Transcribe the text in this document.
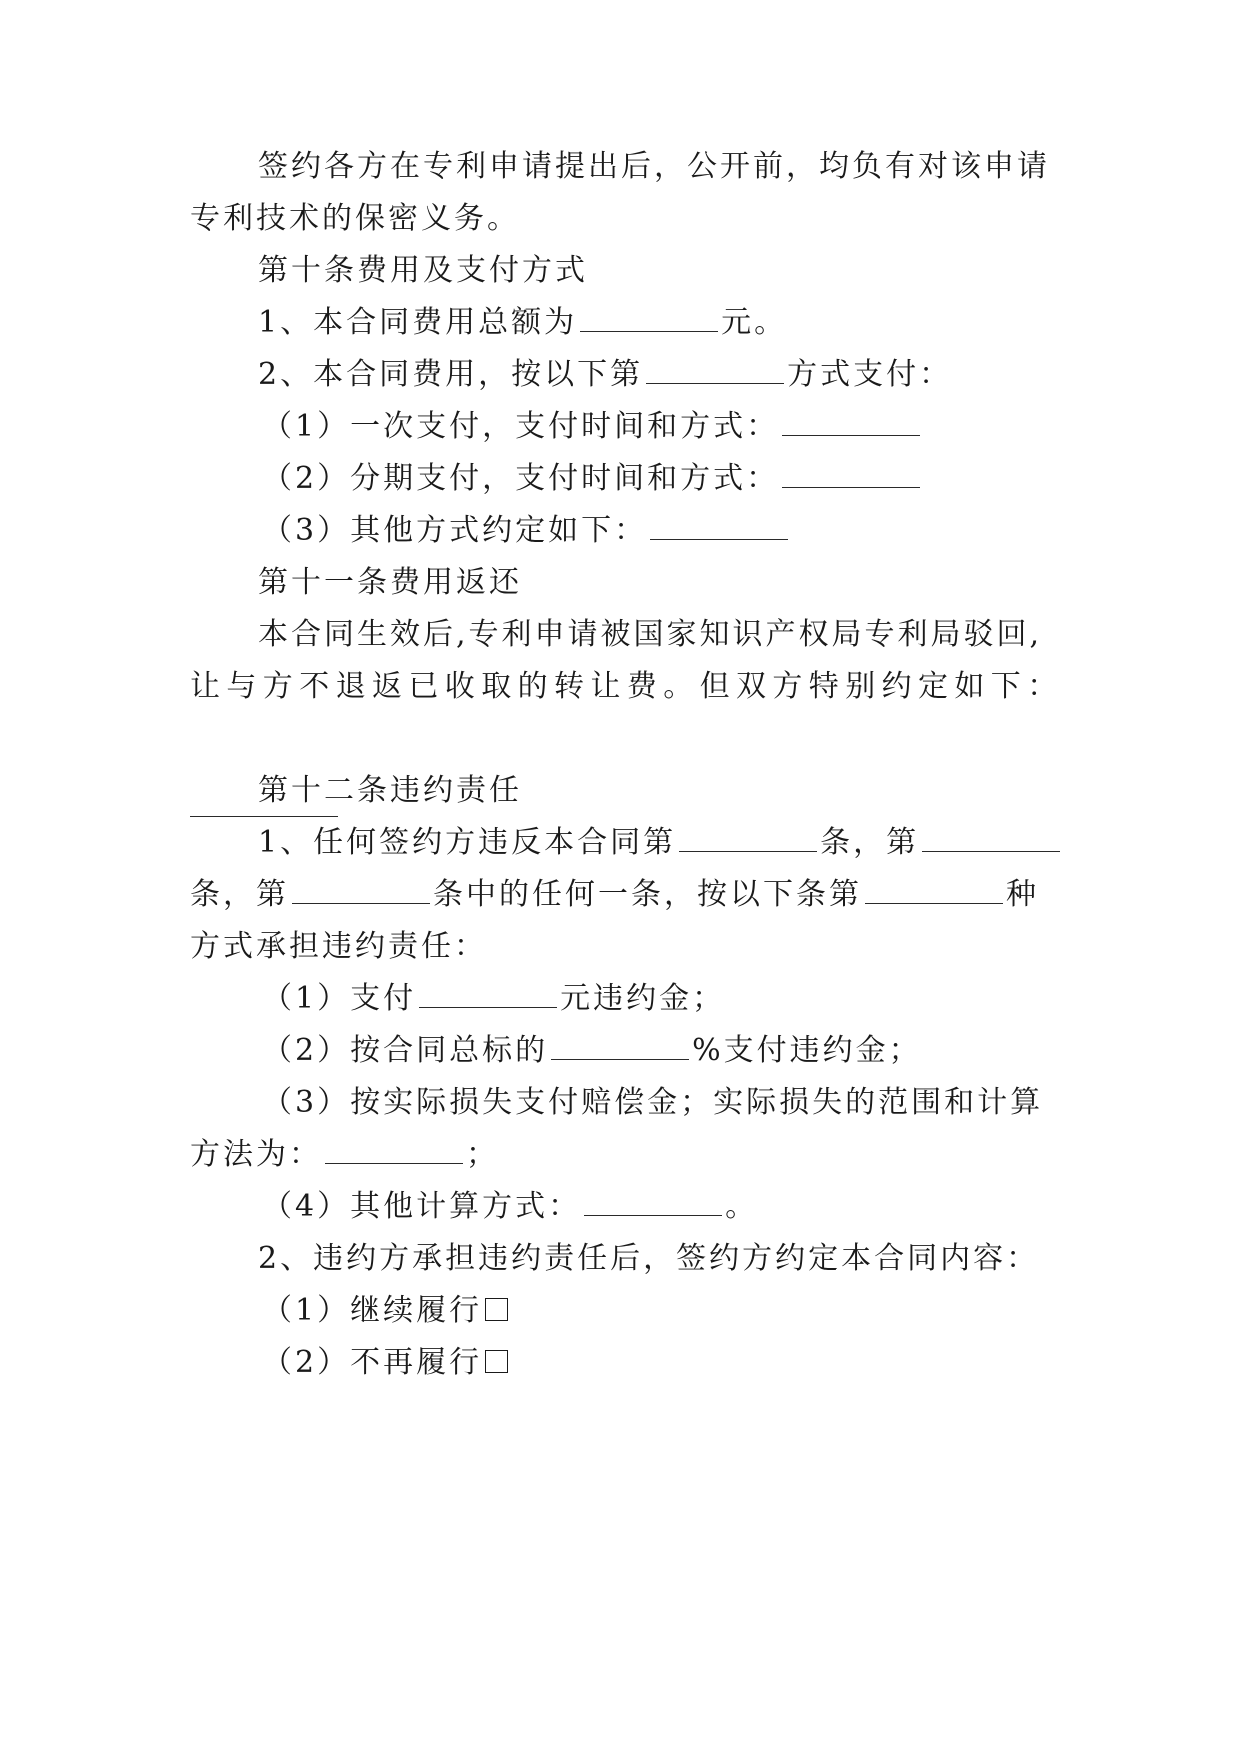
签约各方在专利申请提出后，公开前，均负有对该申请
专利技术的保密义务。
第十条费用及支付方式
1、本合同费用总额为	元。
2、本合同费用，按以下第	方式支付：
（1）一次支付，支付时间和方式：
（2）分期支付，支付时间和方式：
（3）其他方式约定如下：
第十一条费用返还
本合同生效后,专利申请被国家知识产权局专利局驳回,
让与方不退返已收取的转让费。但双方特别约定如下：
第十二条违约责任
1、任何签约方违反本合同第	条，第
条，第	条中的任何一条，按以下条第	种
方式承担违约责任：
（1）支付	元违约金；
（2）按合同总标的	%支付违约金；
（3）按实际损失支付赔偿金；实际损失的范围和计算
方法为：	；
（4）其他计算方式：	。
2、违约方承担违约责任后，签约方约定本合同内容：
（1）继续履行
（2）不再履行
